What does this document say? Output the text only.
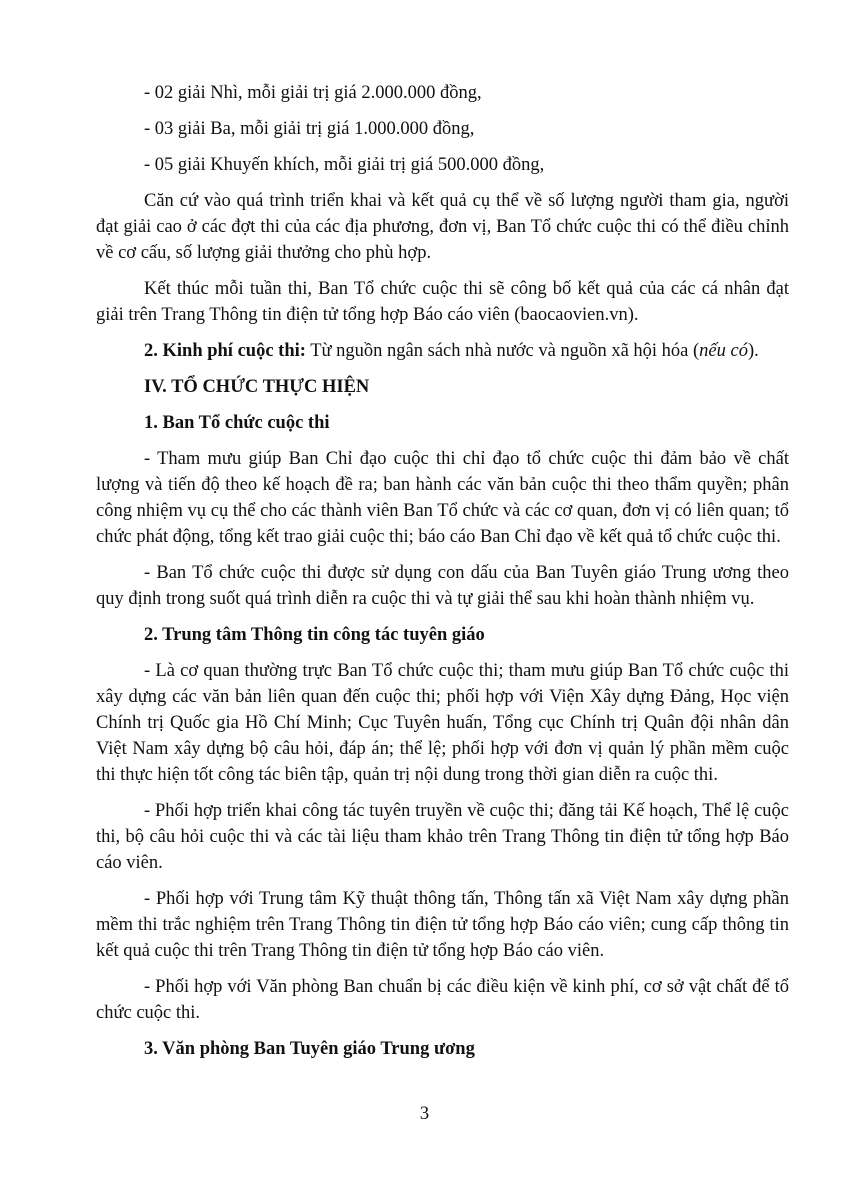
- 02 giải Nhì, mỗi giải trị giá 2.000.000 đồng,

- 03 giải Ba, mỗi giải trị giá 1.000.000 đồng,

- 05 giải Khuyến khích, mỗi giải trị giá 500.000 đồng,

Căn cứ vào quá trình triển khai và kết quả cụ thể về số lượng người tham gia, người đạt giải cao ở các đợt thi của các địa phương, đơn vị, Ban Tổ chức cuộc thi có thể điều chỉnh về cơ cấu, số lượng giải thưởng cho phù hợp.

Kết thúc mỗi tuần thi, Ban Tổ chức cuộc thi sẽ công bố kết quả của các cá nhân đạt giải trên Trang Thông tin điện tử tổng hợp Báo cáo viên (baocaovien.vn).

2. Kinh phí cuộc thi: Từ nguồn ngân sách nhà nước và nguồn xã hội hóa (nếu có).

IV. TỔ CHỨC THỰC HIỆN

1. Ban Tổ chức cuộc thi

- Tham mưu giúp Ban Chỉ đạo cuộc thi chỉ đạo tổ chức cuộc thi đảm bảo về chất lượng và tiến độ theo kế hoạch đề ra; ban hành các văn bản cuộc thi theo thẩm quyền; phân công nhiệm vụ cụ thể cho các thành viên Ban Tổ chức và các cơ quan, đơn vị có liên quan; tổ chức phát động, tổng kết trao giải cuộc thi; báo cáo Ban Chỉ đạo về kết quả tổ chức cuộc thi.

- Ban Tổ chức cuộc thi được sử dụng con dấu của Ban Tuyên giáo Trung ương theo quy định trong suốt quá trình diễn ra cuộc thi và tự giải thể sau khi hoàn thành nhiệm vụ.

2. Trung tâm Thông tin công tác tuyên giáo

- Là cơ quan thường trực Ban Tổ chức cuộc thi; tham mưu giúp Ban Tổ chức cuộc thi xây dựng các văn bản liên quan đến cuộc thi; phối hợp với Viện Xây dựng Đảng, Học viện Chính trị Quốc gia Hồ Chí Minh; Cục Tuyên huấn, Tổng cục Chính trị Quân đội nhân dân Việt Nam xây dựng bộ câu hỏi, đáp án; thể lệ; phối hợp với đơn vị quản lý phần mềm cuộc thi thực hiện tốt công tác biên tập, quản trị nội dung trong thời gian diễn ra cuộc thi.

- Phối hợp triển khai công tác tuyên truyền về cuộc thi; đăng tải Kế hoạch, Thể lệ cuộc thi, bộ câu hỏi cuộc thi và các tài liệu tham khảo trên Trang Thông tin điện tử tổng hợp Báo cáo viên.

- Phối hợp với Trung tâm Kỹ thuật thông tấn, Thông tấn xã Việt Nam xây dựng phần mềm thi trắc nghiệm trên Trang Thông tin điện tử tổng hợp Báo cáo viên; cung cấp thông tin kết quả cuộc thi trên Trang Thông tin điện tử tổng hợp Báo cáo viên.

- Phối hợp với Văn phòng Ban chuẩn bị các điều kiện về kinh phí, cơ sở vật chất để tổ chức cuộc thi.

3. Văn phòng Ban Tuyên giáo Trung ương

3
